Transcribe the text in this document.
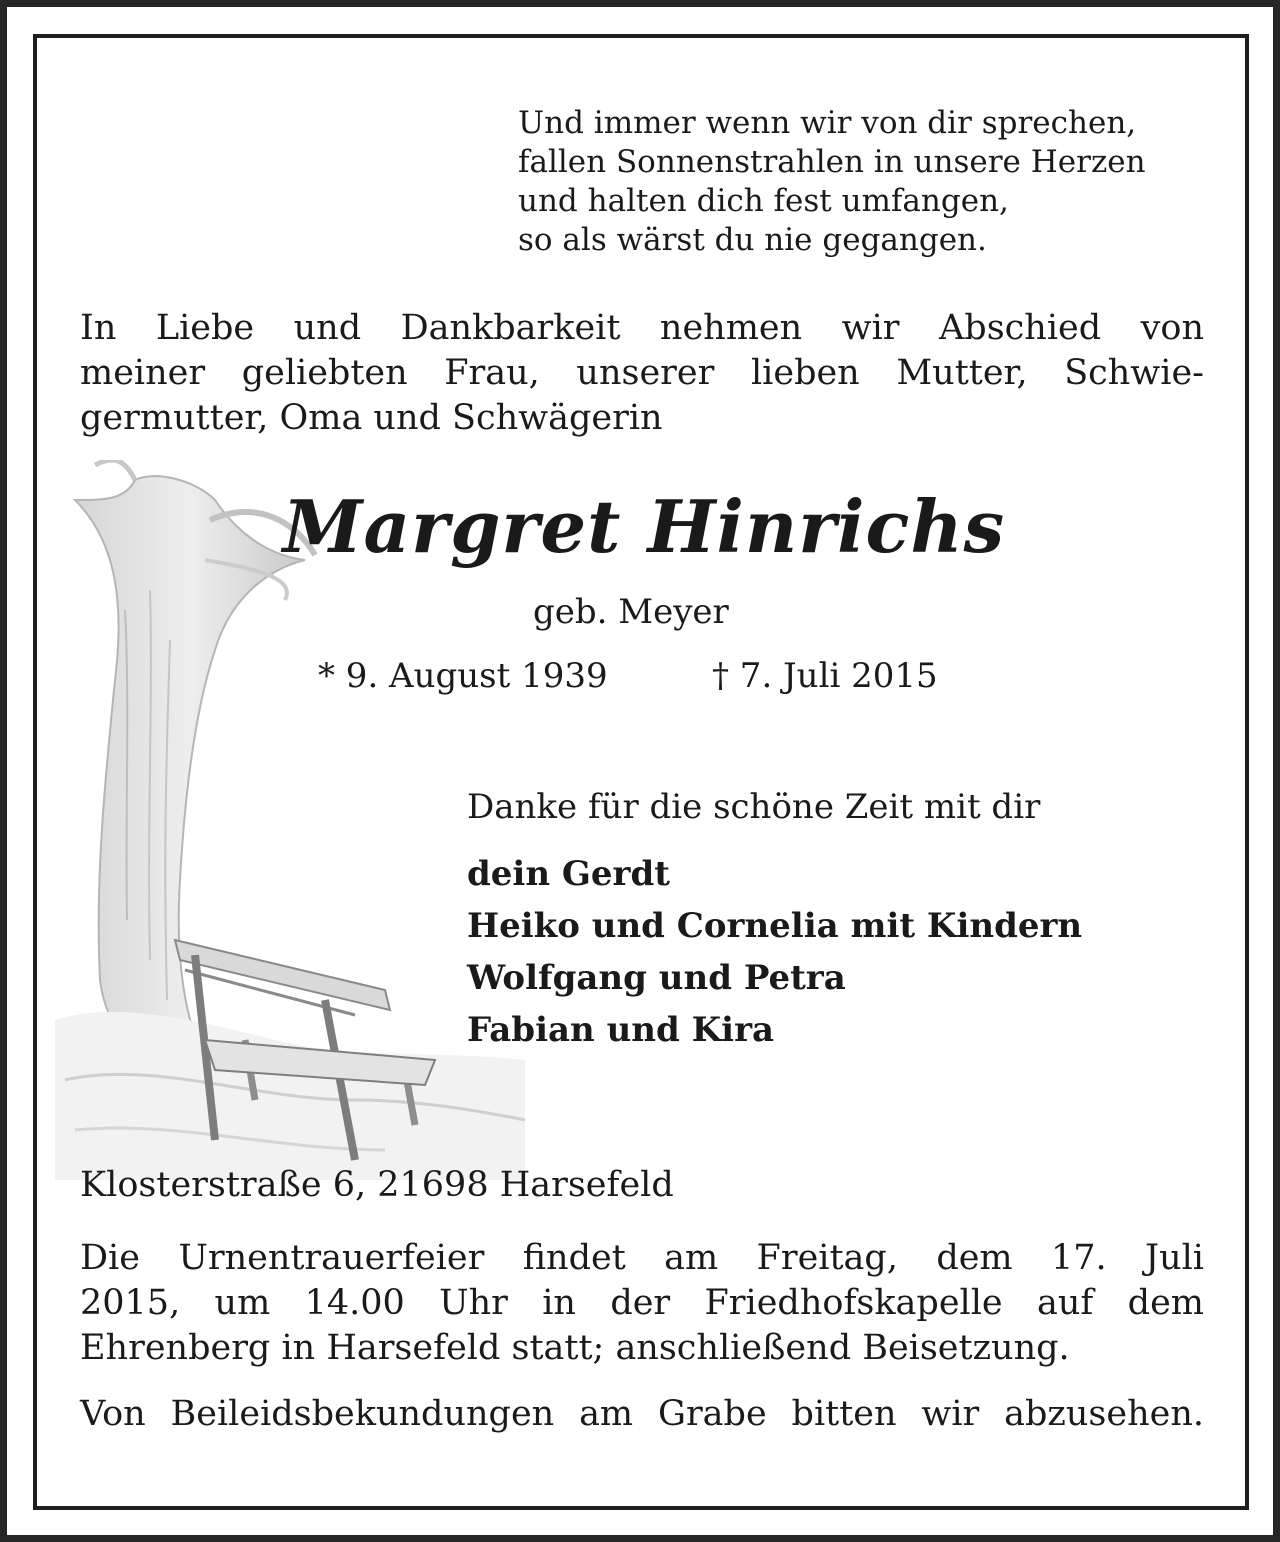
Und immer wenn wir von dir sprechen,
fallen Sonnenstrahlen in unsere Herzen
und halten dich fest umfangen,
so als wärst du nie gegangen.
In Liebe und Dankbarkeit nehmen wir Abschied von
meiner geliebten Frau, unserer lieben Mutter, Schwie-
germutter, Oma und Schwägerin
Margret Hinrichs
geb. Meyer
* 9. August 1939	† 7. Juli 2015
Danke für die schöne Zeit mit dir
dein Gerdt
Heiko und Cornelia mit Kindern
Wolfgang und Petra
Fabian und Kira
Klosterstraße 6, 21698 Harsefeld
Die Urnentrauerfeier findet am Freitag, dem 17. Juli
2015, um 14.00 Uhr in der Friedhofskapelle auf dem
Ehrenberg in Harsefeld statt; anschließend Beisetzung.
Von Beileidsbekundungen am Grabe bitten wir abzusehen.
